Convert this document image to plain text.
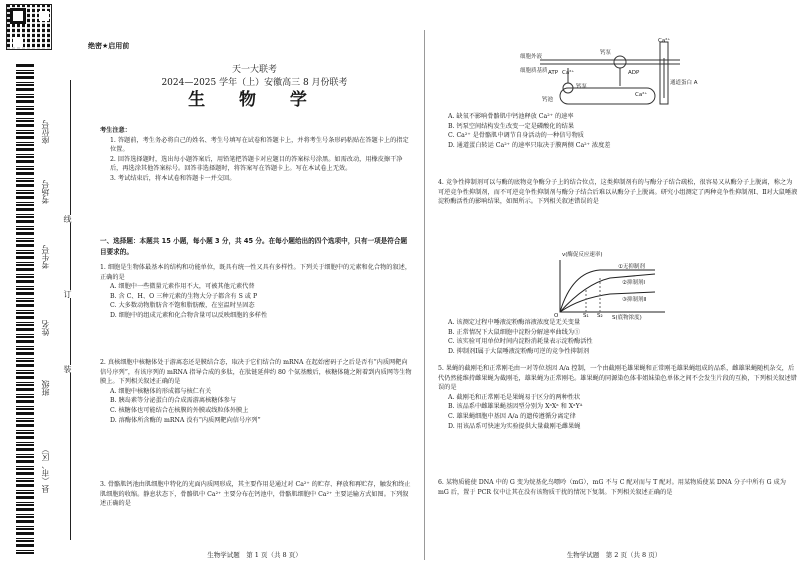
座位号
考场号
考生号
姓名
班级
县（市、区）
线
订
装
绝密★启用前
天一大联考
2024—2025 学年（上）安徽高三 8 月份联考
生 物 学
考生注意：
1. 答题前，考生务必将自己的姓名、考生号填写在试卷和答题卡上，并将考生号条形码粘贴在答题卡上的指定位置。
2. 回答选择题时，选出每小题答案后，用铅笔把答题卡对应题目的答案标号涂黑。如需改动，用橡皮擦干净后，再选涂其他答案标号。回答非选择题时，将答案写在答题卡上。写在本试卷上无效。
3. 考试结束后，将本试卷和答题卡一并交回。
一、选择题：本题共 15 小题，每小题 3 分，共 45 分。在每小题给出的四个选项中，只有一项是符合题目要求的。
1. 细胞是生物体最基本的结构和功能单位，既具有统一性又具有多样性。下列关于细胞中的元素和化合物的叙述，正确的是
A. 细胞中一些微量元素作用不大，可被其他元素代替
B. 含 C、H、O 三种元素的生物大分子都含有 S 或 P
C. 大多数动物脂肪含不饱和脂肪酸，在室温时呈固态
D. 细胞中的组成元素和化合物含量可以反映细胞的多样性
2. 真核细胞中核糖体处于游离态还是膜结合态，取决于它们结合的 mRNA 在起始密码子之后是否有“内质网靶向信号序列”，有该序列的 mRNA 指导合成的多肽，在肽链延伸约 80 个氨基酸后，核糖体随之附着到内质网等生物膜上。下列相关叙述正确的是
A. 细胞中核糖体的形成都与核仁有关
B. 胰岛素等分泌蛋白的合成需游离核糖体参与
C. 核糖体也可能结合在核膜的外膜或线粒体外膜上
D. 溶酶体所含酶的 mRNA 没有“内质网靶向信号序列”
3. 骨骼肌钙池由肌细胞中特化的光面内质网形成，其主要作用是通过对 Ca²⁺ 的贮存、释放和再贮存，触发和终止肌细胞的收缩。静息状态下，骨骼肌中 Ca²⁺ 主要分布在钙池中，骨骼肌细胞中 Ca²⁺ 主要运输方式如图。下列叙述正确的是
生物学试题　第 1 页（共 8 页）
细胞外液
细胞质基质
钙池
钙泵
钙泵
通道蛋白 A
ATP	ADP
Ca²⁺
Ca²⁺
Ca²⁺
A. 缺氧不影响骨骼肌中钙池释放 Ca²⁺ 的速率
B. 钙泵空间结构发生改变一定是磷酸化的结果
C. Ca²⁺ 是骨骼肌中调节自身活动的一种信号物质
D. 通道蛋白转运 Ca²⁺ 的速率只取决于膜两侧 Ca²⁺ 浓度差
4. 竞争性抑制剂可以与酶的底物竞争酶分子上的结合位点，这类抑制剂有的与酶分子结合疏松，很容易又从酶分子上脱离，称之为可逆竞争性抑制剂，而不可逆竞争性抑制剂与酶分子结合后难以从酶分子上脱离。研究小组测定了两种竞争性抑制剂Ⅰ、Ⅱ对大鼠唾液淀粉酶活性的影响结果，如图所示。下列相关叙述错误的是
A. 该测定过程中唾液淀粉酶溶液浓度是无关变量
B. 正常情况下大鼠细胞中淀粉分解速率曲线为①
C. 该实验可用单位时间内淀粉消耗量表示淀粉酶活性
D. 抑制剂Ⅰ属于大鼠唾液淀粉酶可逆的竞争性抑制剂
5. 果蝇的截刚毛和正常刚毛由一对等位基因 A/a 控制，一个由截刚毛雄果蝇和正常刚毛雄果蝇组成的品系，雌雄果蝇随机杂交，后代仍然能维持雌果蝇为截刚毛，雄果蝇为正常刚毛。雄果蝇的同源染色体非姐妹染色单体之间不会发生片段的互换，下列相关叙述错误的是
A. 截刚毛和正常刚毛是果蝇易于区分的两种性状
B. 该品系中雌雄果蝇基因型分别为 XᵃXᵃ 和 XᵃYᴬ
C. 雄果蝇细胞中基因 A/a 的遗传遵循分离定律
D. 用该品系可快速为实验提供大量截刚毛雌果蝇
6. 某物质能使 DNA 中的 G 变为烷基化鸟嘌呤（mG），mG 不与 C 配对而与 T 配对。用某物质使某 DNA 分子中所有 G 成为 mG 后，置于 PCR 仪中让其在没有该物质干扰的情况下复制。下列相关叙述正确的是
生物学试题　第 2 页（共 8 页）
v(酶促反应速率)
①无抑制剂
②抑制剂Ⅰ
③抑制剂Ⅱ
O	S₁ S₂ S(底物浓度)
